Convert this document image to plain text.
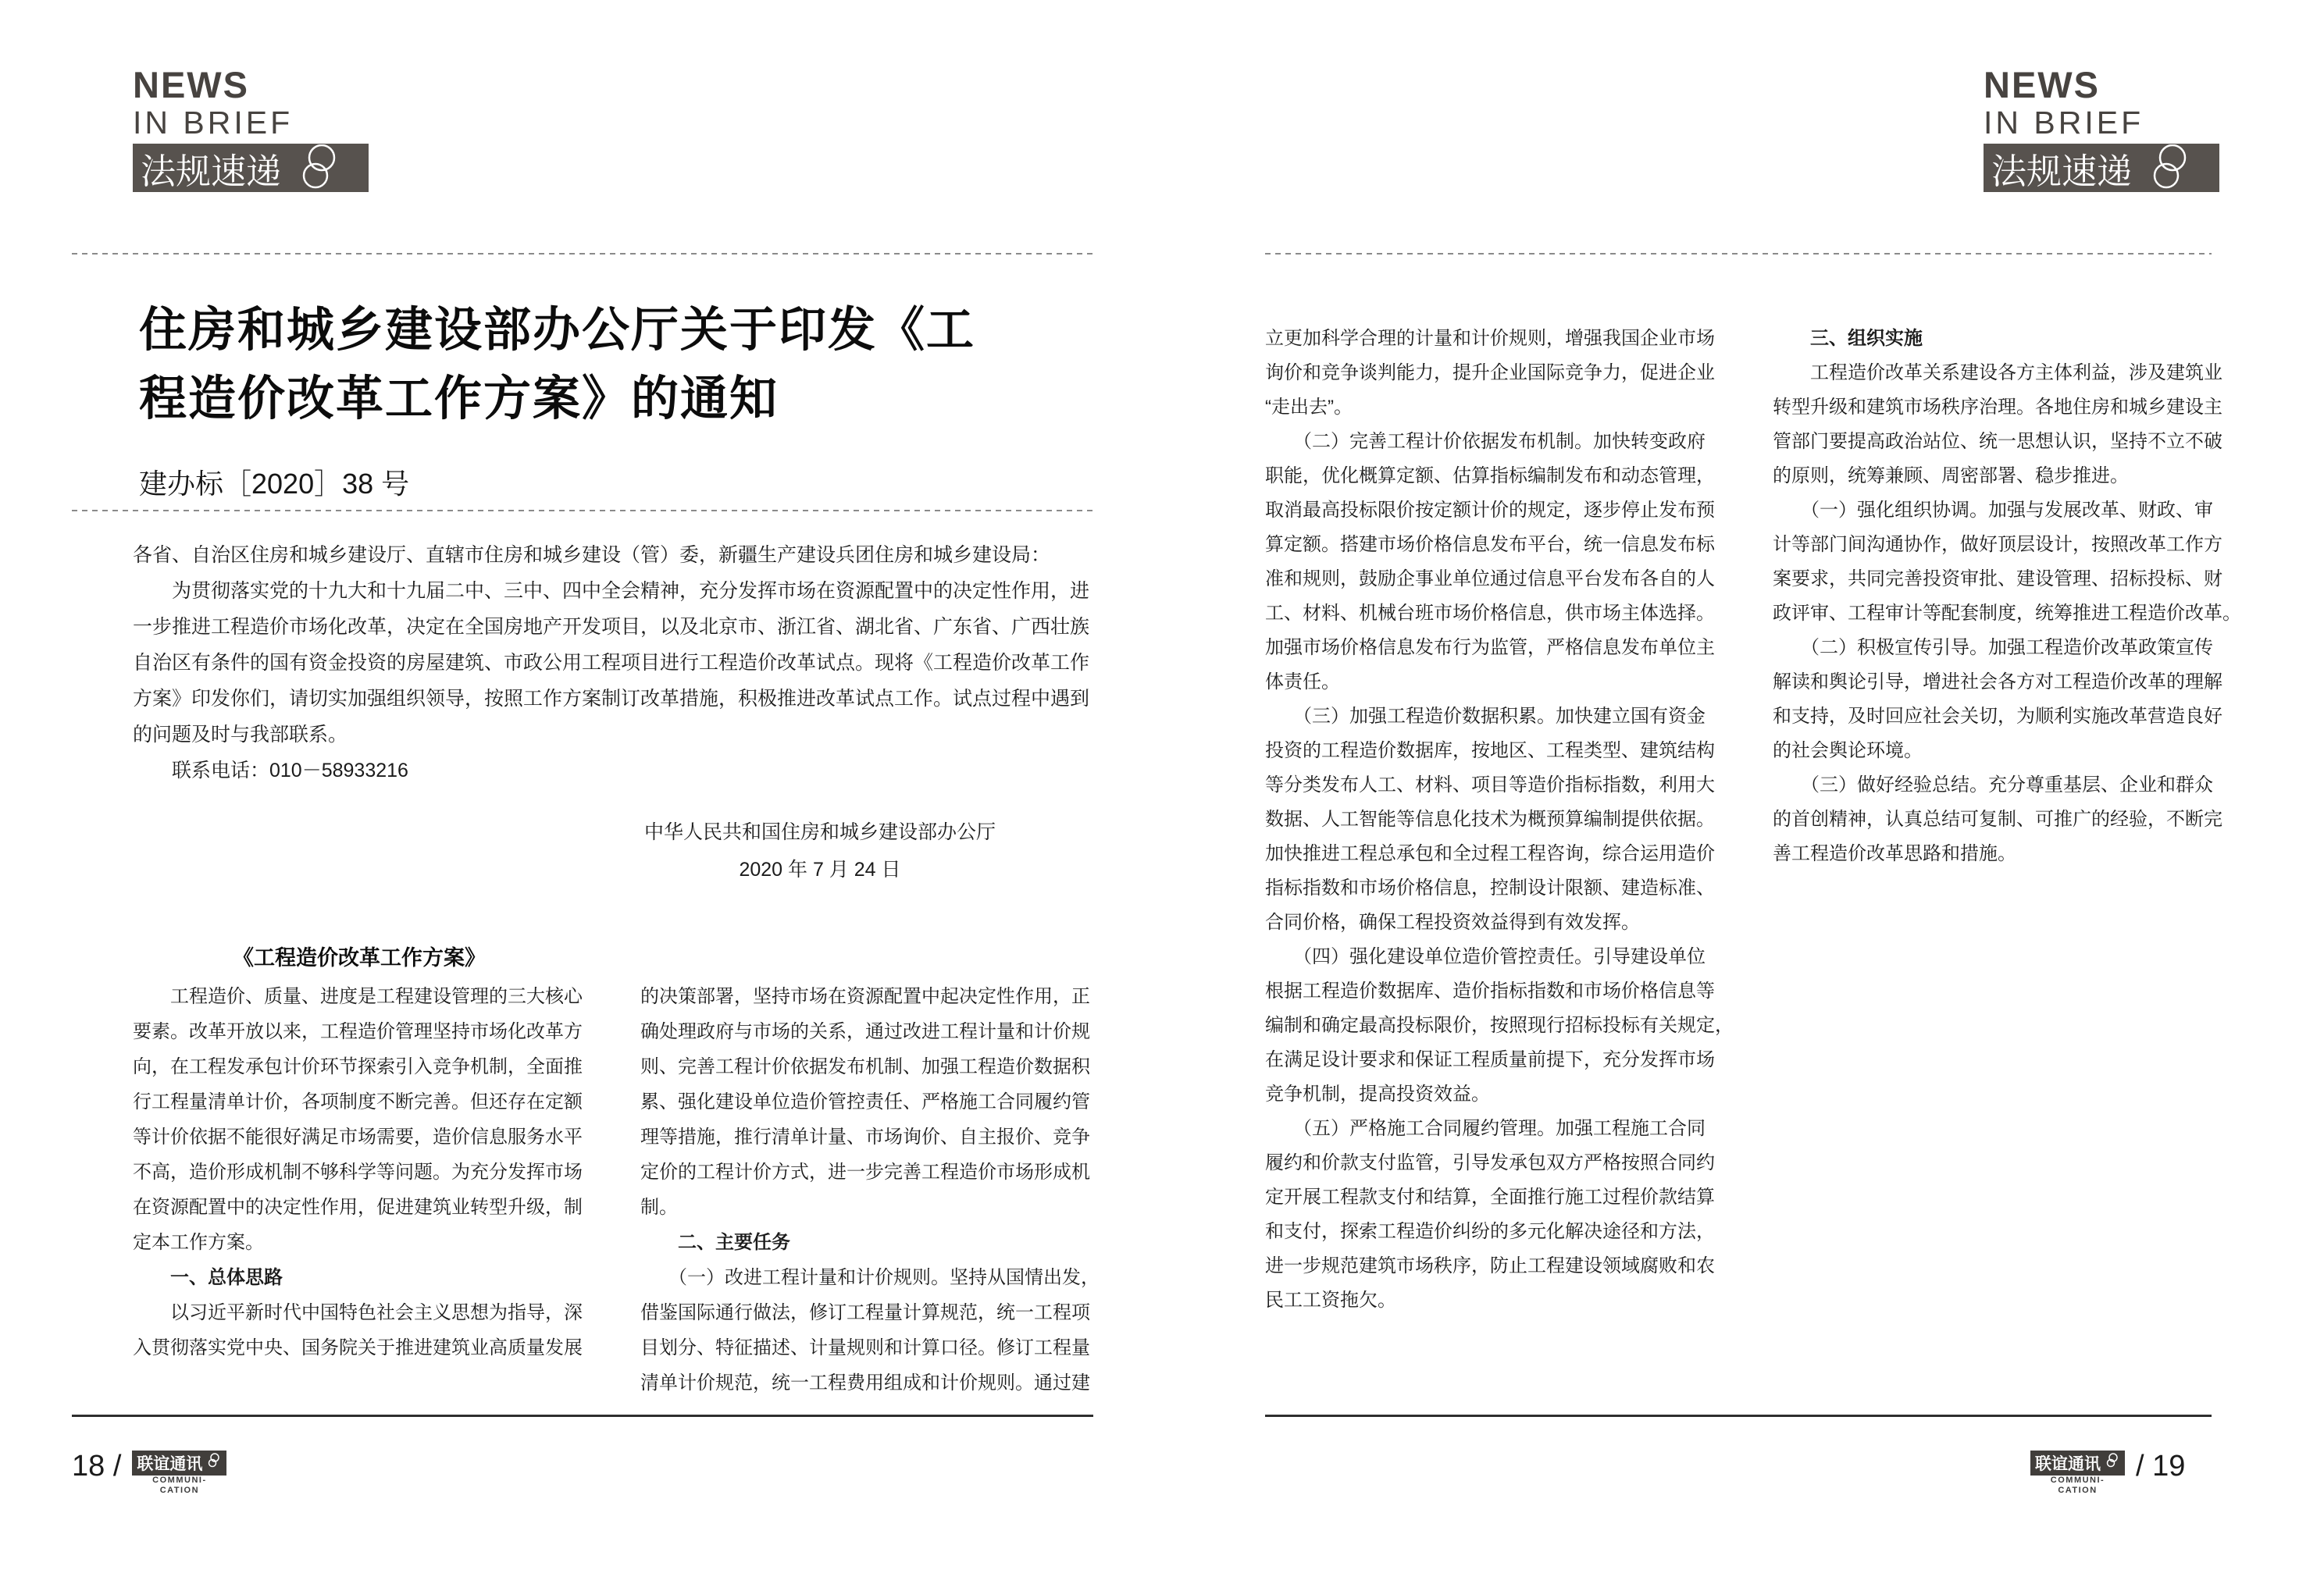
NEWS
IN BRIEF
法规速递
住房和城乡建设部办公厅关于印发《工
程造价改革工作方案》的通知
建办标［2020］38 号
各省、自治区住房和城乡建设厅、直辖市住房和城乡建设（管）委，新疆生产建设兵团住房和城乡建设局：
　　为贯彻落实党的十九大和十九届二中、三中、四中全会精神，充分发挥市场在资源配置中的决定性作用，进
一步推进工程造价市场化改革，决定在全国房地产开发项目，以及北京市、浙江省、湖北省、广东省、广西壮族
自治区有条件的国有资金投资的房屋建筑、市政公用工程项目进行工程造价改革试点。现将《工程造价改革工作
方案》印发你们，请切实加强组织领导，按照工作方案制订改革措施，积极推进改革试点工作。试点过程中遇到
的问题及时与我部联系。
　　联系电话：010－58933216
中华人民共和国住房和城乡建设部办公厅
2020 年 7 月 24 日
《工程造价改革工作方案》
　　工程造价、质量、进度是工程建设管理的三大核心
要素。改革开放以来，工程造价管理坚持市场化改革方
向，在工程发承包计价环节探索引入竞争机制，全面推
行工程量清单计价，各项制度不断完善。但还存在定额
等计价依据不能很好满足市场需要，造价信息服务水平
不高，造价形成机制不够科学等问题。为充分发挥市场
在资源配置中的决定性作用，促进建筑业转型升级，制
定本工作方案。
　　一、总体思路
　　以习近平新时代中国特色社会主义思想为指导，深
入贯彻落实党中央、国务院关于推进建筑业高质量发展
的决策部署，坚持市场在资源配置中起决定性作用，正
确处理政府与市场的关系，通过改进工程计量和计价规
则、完善工程计价依据发布机制、加强工程造价数据积
累、强化建设单位造价管控责任、严格施工合同履约管
理等措施，推行清单计量、市场询价、自主报价、竞争
定价的工程计价方式，进一步完善工程造价市场形成机
制。
　　二、主要任务
　　（一）改进工程计量和计价规则。坚持从国情出发，
借鉴国际通行做法，修订工程量计算规范，统一工程项
目划分、特征描述、计量规则和计算口径。修订工程量
清单计价规范，统一工程费用组成和计价规则。通过建
18 / 联谊通讯
COMMUNI-
CATION
NEWS
IN BRIEF
法规速递
立更加科学合理的计量和计价规则，增强我国企业市场
询价和竞争谈判能力，提升企业国际竞争力，促进企业
“走出去”。
　　（二）完善工程计价依据发布机制。加快转变政府
职能，优化概算定额、估算指标编制发布和动态管理，
取消最高投标限价按定额计价的规定，逐步停止发布预
算定额。搭建市场价格信息发布平台，统一信息发布标
准和规则，鼓励企事业单位通过信息平台发布各自的人
工、材料、机械台班市场价格信息，供市场主体选择。
加强市场价格信息发布行为监管，严格信息发布单位主
体责任。
　　（三）加强工程造价数据积累。加快建立国有资金
投资的工程造价数据库，按地区、工程类型、建筑结构
等分类发布人工、材料、项目等造价指标指数，利用大
数据、人工智能等信息化技术为概预算编制提供依据。
加快推进工程总承包和全过程工程咨询，综合运用造价
指标指数和市场价格信息，控制设计限额、建造标准、
合同价格，确保工程投资效益得到有效发挥。
　　（四）强化建设单位造价管控责任。引导建设单位
根据工程造价数据库、造价指标指数和市场价格信息等
编制和确定最高投标限价，按照现行招标投标有关规定，
在满足设计要求和保证工程质量前提下，充分发挥市场
竞争机制，提高投资效益。
　　（五）严格施工合同履约管理。加强工程施工合同
履约和价款支付监管，引导发承包双方严格按照合同约
定开展工程款支付和结算，全面推行施工过程价款结算
和支付，探索工程造价纠纷的多元化解决途径和方法，
进一步规范建筑市场秩序，防止工程建设领域腐败和农
民工工资拖欠。
　　三、组织实施
　　工程造价改革关系建设各方主体利益，涉及建筑业
转型升级和建筑市场秩序治理。各地住房和城乡建设主
管部门要提高政治站位、统一思想认识，坚持不立不破
的原则，统筹兼顾、周密部署、稳步推进。
　　（一）强化组织协调。加强与发展改革、财政、审
计等部门间沟通协作，做好顶层设计，按照改革工作方
案要求，共同完善投资审批、建设管理、招标投标、财
政评审、工程审计等配套制度，统筹推进工程造价改革。
　　（二）积极宣传引导。加强工程造价改革政策宣传
解读和舆论引导，增进社会各方对工程造价改革的理解
和支持，及时回应社会关切，为顺利实施改革营造良好
的社会舆论环境。
　　（三）做好经验总结。充分尊重基层、企业和群众
的首创精神，认真总结可复制、可推广的经验，不断完
善工程造价改革思路和措施。
联谊通讯
COMMUNI-
CATION
/ 19
